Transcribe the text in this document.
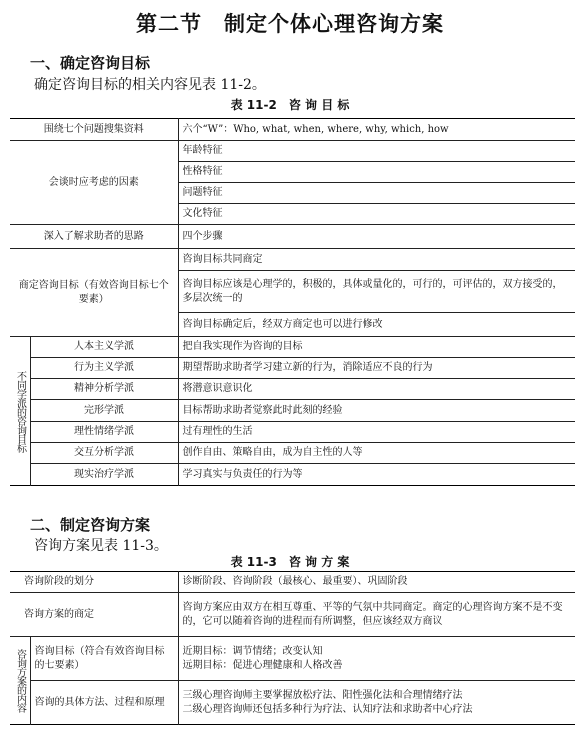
第二节　制定个体心理咨询方案
一、确定咨询目标
确定咨询目标的相关内容见表 11-2。
表 11-2　咨 询 目 标
围绕七个问题搜集资料		六个“W”：Who, what, when, where, why, which, how
会谈时应考虑的因素		年龄特征
		性格特征
		问题特征
		文化特征
深入了解求助者的思路		四个步骤
商定咨询目标（有效咨询目标七个要素）		咨询目标共同商定
		咨询目标应该是心理学的，积极的，具体或量化的，可行的，可评估的，双方接受的，多层次统一的
		咨询目标确定后，经双方商定也可以进行修改
不同学派的咨询目标	人本主义学派	把自我实现作为咨询的目标
	行为主义学派	期望帮助求助者学习建立新的行为，消除适应不良的行为
	精神分析学派	将潜意识意识化
	完形学派	目标帮助求助者觉察此时此刻的经验
	理性情绪学派	过有理性的生活
	交互分析学派	创作自由、策略自由，成为自主性的人等
	现实治疗学派	学习真实与负责任的行为等
二、制定咨询方案
咨询方案见表 11-3。
表 11-3　咨 询 方 案
咨询阶段的划分		诊断阶段、咨询阶段（最核心、最重要）、巩固阶段
咨询方案的商定		咨询方案应由双方在相互尊重、平等的气氛中共同商定。商定的心理咨询方案不是不变的，它可以随着咨询的进程而有所调整，但应该经双方商议
咨询方案的内容	咨询目标（符合有效咨询目标的七要素）	近期目标：调节情绪；改变认知
远期目标：促进心理健康和人格改善

	咨询的具体方法、过程和原理	三级心理咨询师主要掌握放松疗法、阳性强化法和合理情绪疗法
二级心理咨询师还包括多种行为疗法、认知疗法和求助者中心疗法
